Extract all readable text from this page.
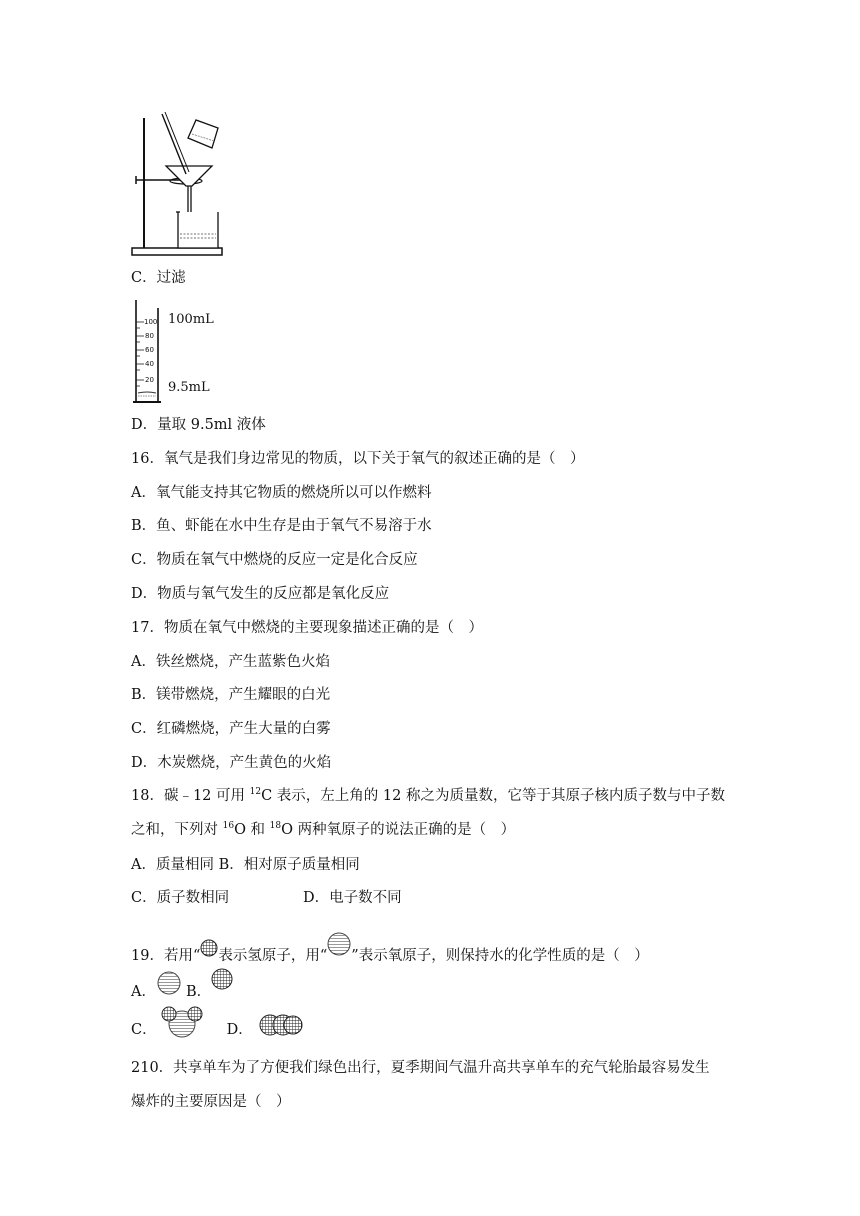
C．过滤
100
80
60
40
20
100mL
9.5mL
D．量取 9.5ml 液体
16．氧气是我们身边常见的物质，以下关于氧气的叙述正确的是（　）
A．氧气能支持其它物质的燃烧所以可以作燃料
B．鱼、虾能在水中生存是由于氧气不易溶于水
C．物质在氧气中燃烧的反应一定是化合反应
D．物质与氧气发生的反应都是氧化反应
17．物质在氧气中燃烧的主要现象描述正确的是（　）
A．铁丝燃烧，产生蓝紫色火焰
B．镁带燃烧，产生耀眼的白光
C．红磷燃烧，产生大量的白雾
D．木炭燃烧，产生黄色的火焰
18．碳﹣12 可用 $^{12}$C 表示，左上角的 12 称之为质量数，它等于其原子核内质子数与中子数
之和，下列对 $^{16}$O 和 $^{18}$O 两种氧原子的说法正确的是（　）
A．质量相同 B．相对原子质量相同
C．质子数相同	D．电子数不同
19．若用“ 表示氢原子，用“ ”表示氧原子，则保持水的化学性质的是（　）
A． B．
C．	D．
210．共享单车为了方便我们绿色出行，夏季期间气温升高共享单车的充气轮胎最容易发生
爆炸的主要原因是（　）
